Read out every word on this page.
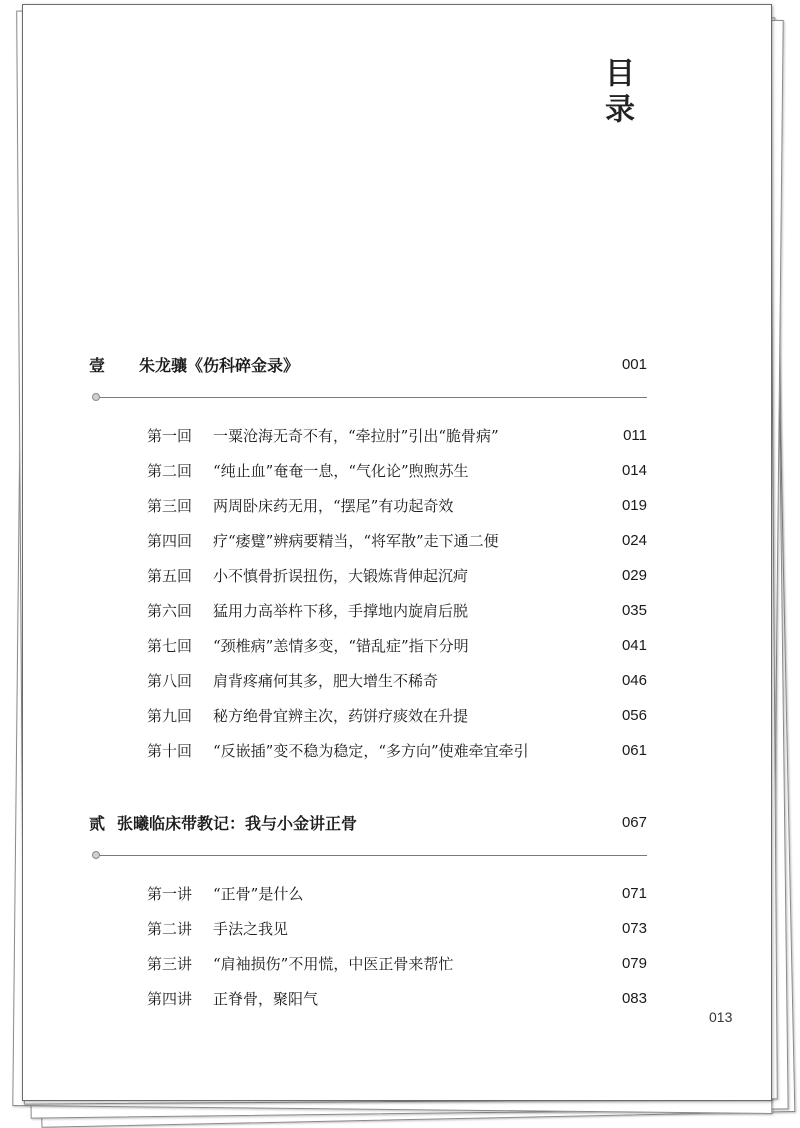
目录
壹	朱龙骧《伤科碎金录》	001
第一回	一粟沧海无奇不有，“牵拉肘”引出“脆骨病”	011
第二回	“纯止血”奄奄一息，“气化论”煦煦苏生	014
第三回	两周卧床药无用，“摆尾”有功起奇效	019
第四回	疗“痿躄”辨病要精当，“将军散”走下通二便	024
第五回	小不慎骨折误扭伤，大锻炼背伸起沉疴	029
第六回	猛用力高举杵下移，手撑地内旋肩后脱	035
第七回	“颈椎病”恙情多变，“错乱症”指下分明	041
第八回	肩背疼痛何其多，肥大增生不稀奇	046
第九回	秘方绝骨宜辨主次，药饼疗痰效在升提	056
第十回	“反嵌插”变不稳为稳定，“多方向”使难牵宜牵引	061
贰 张曦临床带教记：我与小金讲正骨	067
第一讲	“正骨”是什么	071
第二讲	手法之我见	073
第三讲	“肩袖损伤”不用慌，中医正骨来帮忙	079
第四讲	正脊骨，聚阳气	083
013
